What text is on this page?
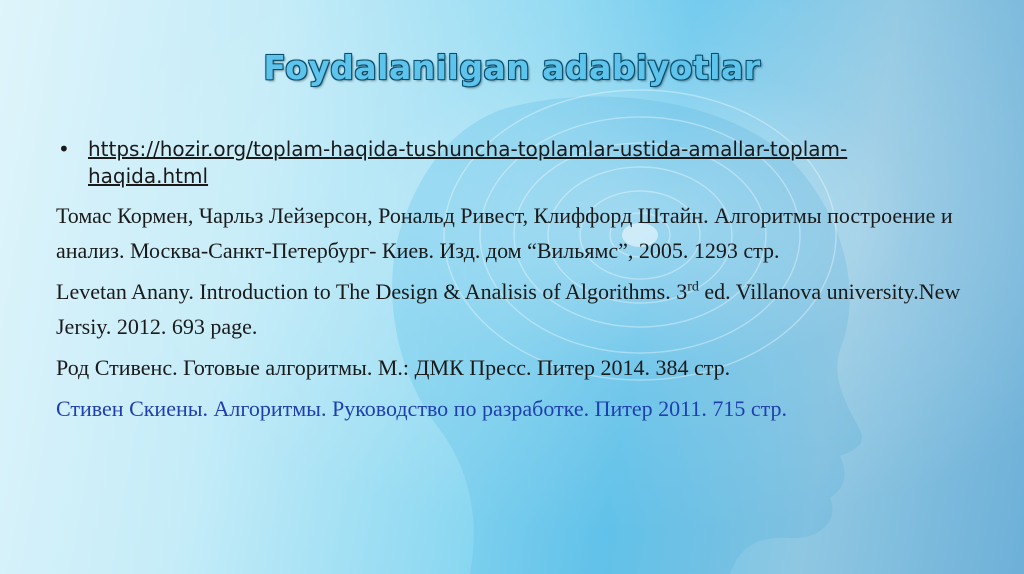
Foydalanilgan adabiyotlar
• https://hozir.org/toplam-haqida-tushuncha-toplamlar-ustida-amallar-toplam-
haqida.html

Томас Кормен, Чарльз Лейзерсон, Рональд Ривест, Клиффорд Штайн. Алгоритмы построение и анализ. Москва-Санкт-Петербург- Киев. Изд. дом “Вильямс”, 2005. 1293 стр.

Levetan Anany. Introduction to The Design & Analisis of Algorithms. 3rd ed. Villanova university.New Jersiy. 2012. 693 page.

Род Стивенс. Готовые алгоритмы. М.: ДМК Пресс. Питер 2014. 384 стр.

Стивен Скиены. Алгоритмы. Руководство по разработке. Питер 2011. 715 стр.
